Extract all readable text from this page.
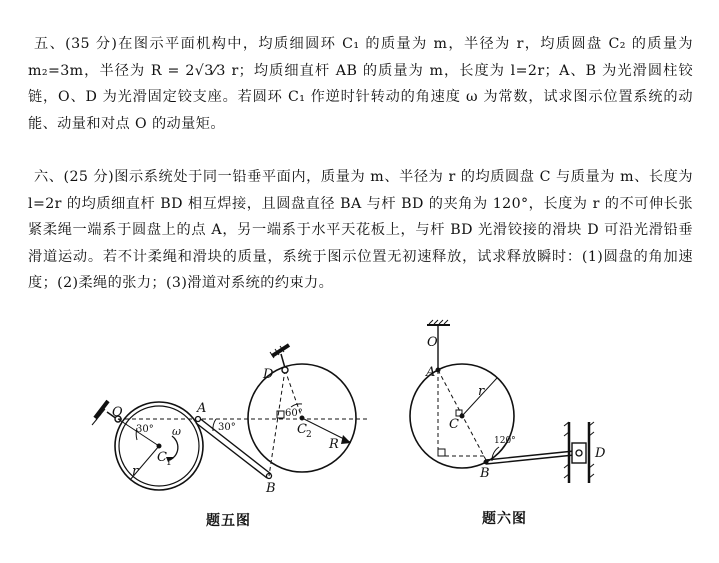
五、(35 分)在图示平面机构中，均质细圆环 C₁ 的质量为 m，半径为 r，均质圆盘 C₂ 的质量为 m₂=3m，半径为 R = 2√3⁄3 r；均质细直杆 AB 的质量为 m，长度为 l=2r；A、B 为光滑圆柱铰链，O、D 为光滑固定铰支座。若圆环 C₁ 作逆时针转动的角速度 ω 为常数，试求图示位置系统的动能、动量和对点 O 的动量矩。
六、(25 分)图示系统处于同一铅垂平面内，质量为 m、半径为 r 的均质圆盘 C 与质量为 m、长度为 l=2r 的均质细直杆 BD 相互焊接，且圆盘直径 BA 与杆 BD 的夹角为 120°，长度为 r 的不可伸长张紧柔绳一端系于圆盘上的点 A，另一端系于水平天花板上，与杆 BD 光滑铰接的滑块 D 可沿光滑铅垂滑道运动。若不计柔绳和滑块的质量，系统于图示位置无初速释放，试求释放瞬时：(1)圆盘的角加速度；(2)柔绳的张力；(3)滑道对系统的约束力。
O	A
C 1
ω
r
30°	30°
60°
D
C 2
R
B
O
A
C
r
B
D
120°
题五图	题六图
